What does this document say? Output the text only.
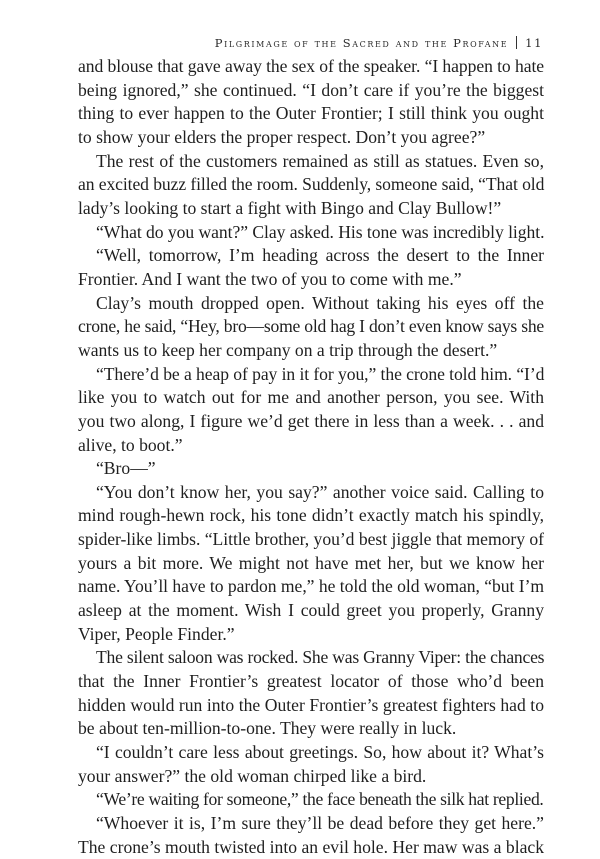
Pilgrimage of the Sacred and the Profane 11

and blouse that gave away the sex of the speaker. “I happen to hate
being ignored,” she continued. “I don’t care if you’re the biggest
thing to ever happen to the Outer Frontier; I still think you ought
to show your elders the proper respect. Don’t you agree?”

The rest of the customers remained as still as statues. Even so,
an excited buzz filled the room. Suddenly, someone said, “That old
lady’s looking to start a fight with Bingo and Clay Bullow!”

“What do you want?” Clay asked. His tone was incredibly light.

“Well, tomorrow, I’m heading across the desert to the Inner
Frontier. And I want the two of you to come with me.”

Clay’s mouth dropped open. Without taking his eyes off the
crone, he said, “Hey, bro—some old hag I don’t even know says she
wants us to keep her company on a trip through the desert.”

“There’d be a heap of pay in it for you,” the crone told him. “I’d
like you to watch out for me and another person, you see. With
you two along, I figure we’d get there in less than a week. . . and
alive, to boot.”

“Bro—”

“You don’t know her, you say?” another voice said. Calling to
mind rough-hewn rock, his tone didn’t exactly match his spindly,
spider-like limbs. “Little brother, you’d best jiggle that memory of
yours a bit more. We might not have met her, but we know her
name. You’ll have to pardon me,” he told the old woman, “but I’m
asleep at the moment. Wish I could greet you properly, Granny
Viper, People Finder.”

The silent saloon was rocked. She was Granny Viper: the chances
that the Inner Frontier’s greatest locator of those who’d been
hidden would run into the Outer Frontier’s greatest fighters had to
be about ten-million-to-one. They were really in luck.

“I couldn’t care less about greetings. So, how about it? What’s
your answer?” the old woman chirped like a bird.

“We’re waiting for someone,” the face beneath the silk hat replied.

“Whoever it is, I’m sure they’ll be dead before they get here.”
The crone’s mouth twisted into an evil hole. Her maw was a black
